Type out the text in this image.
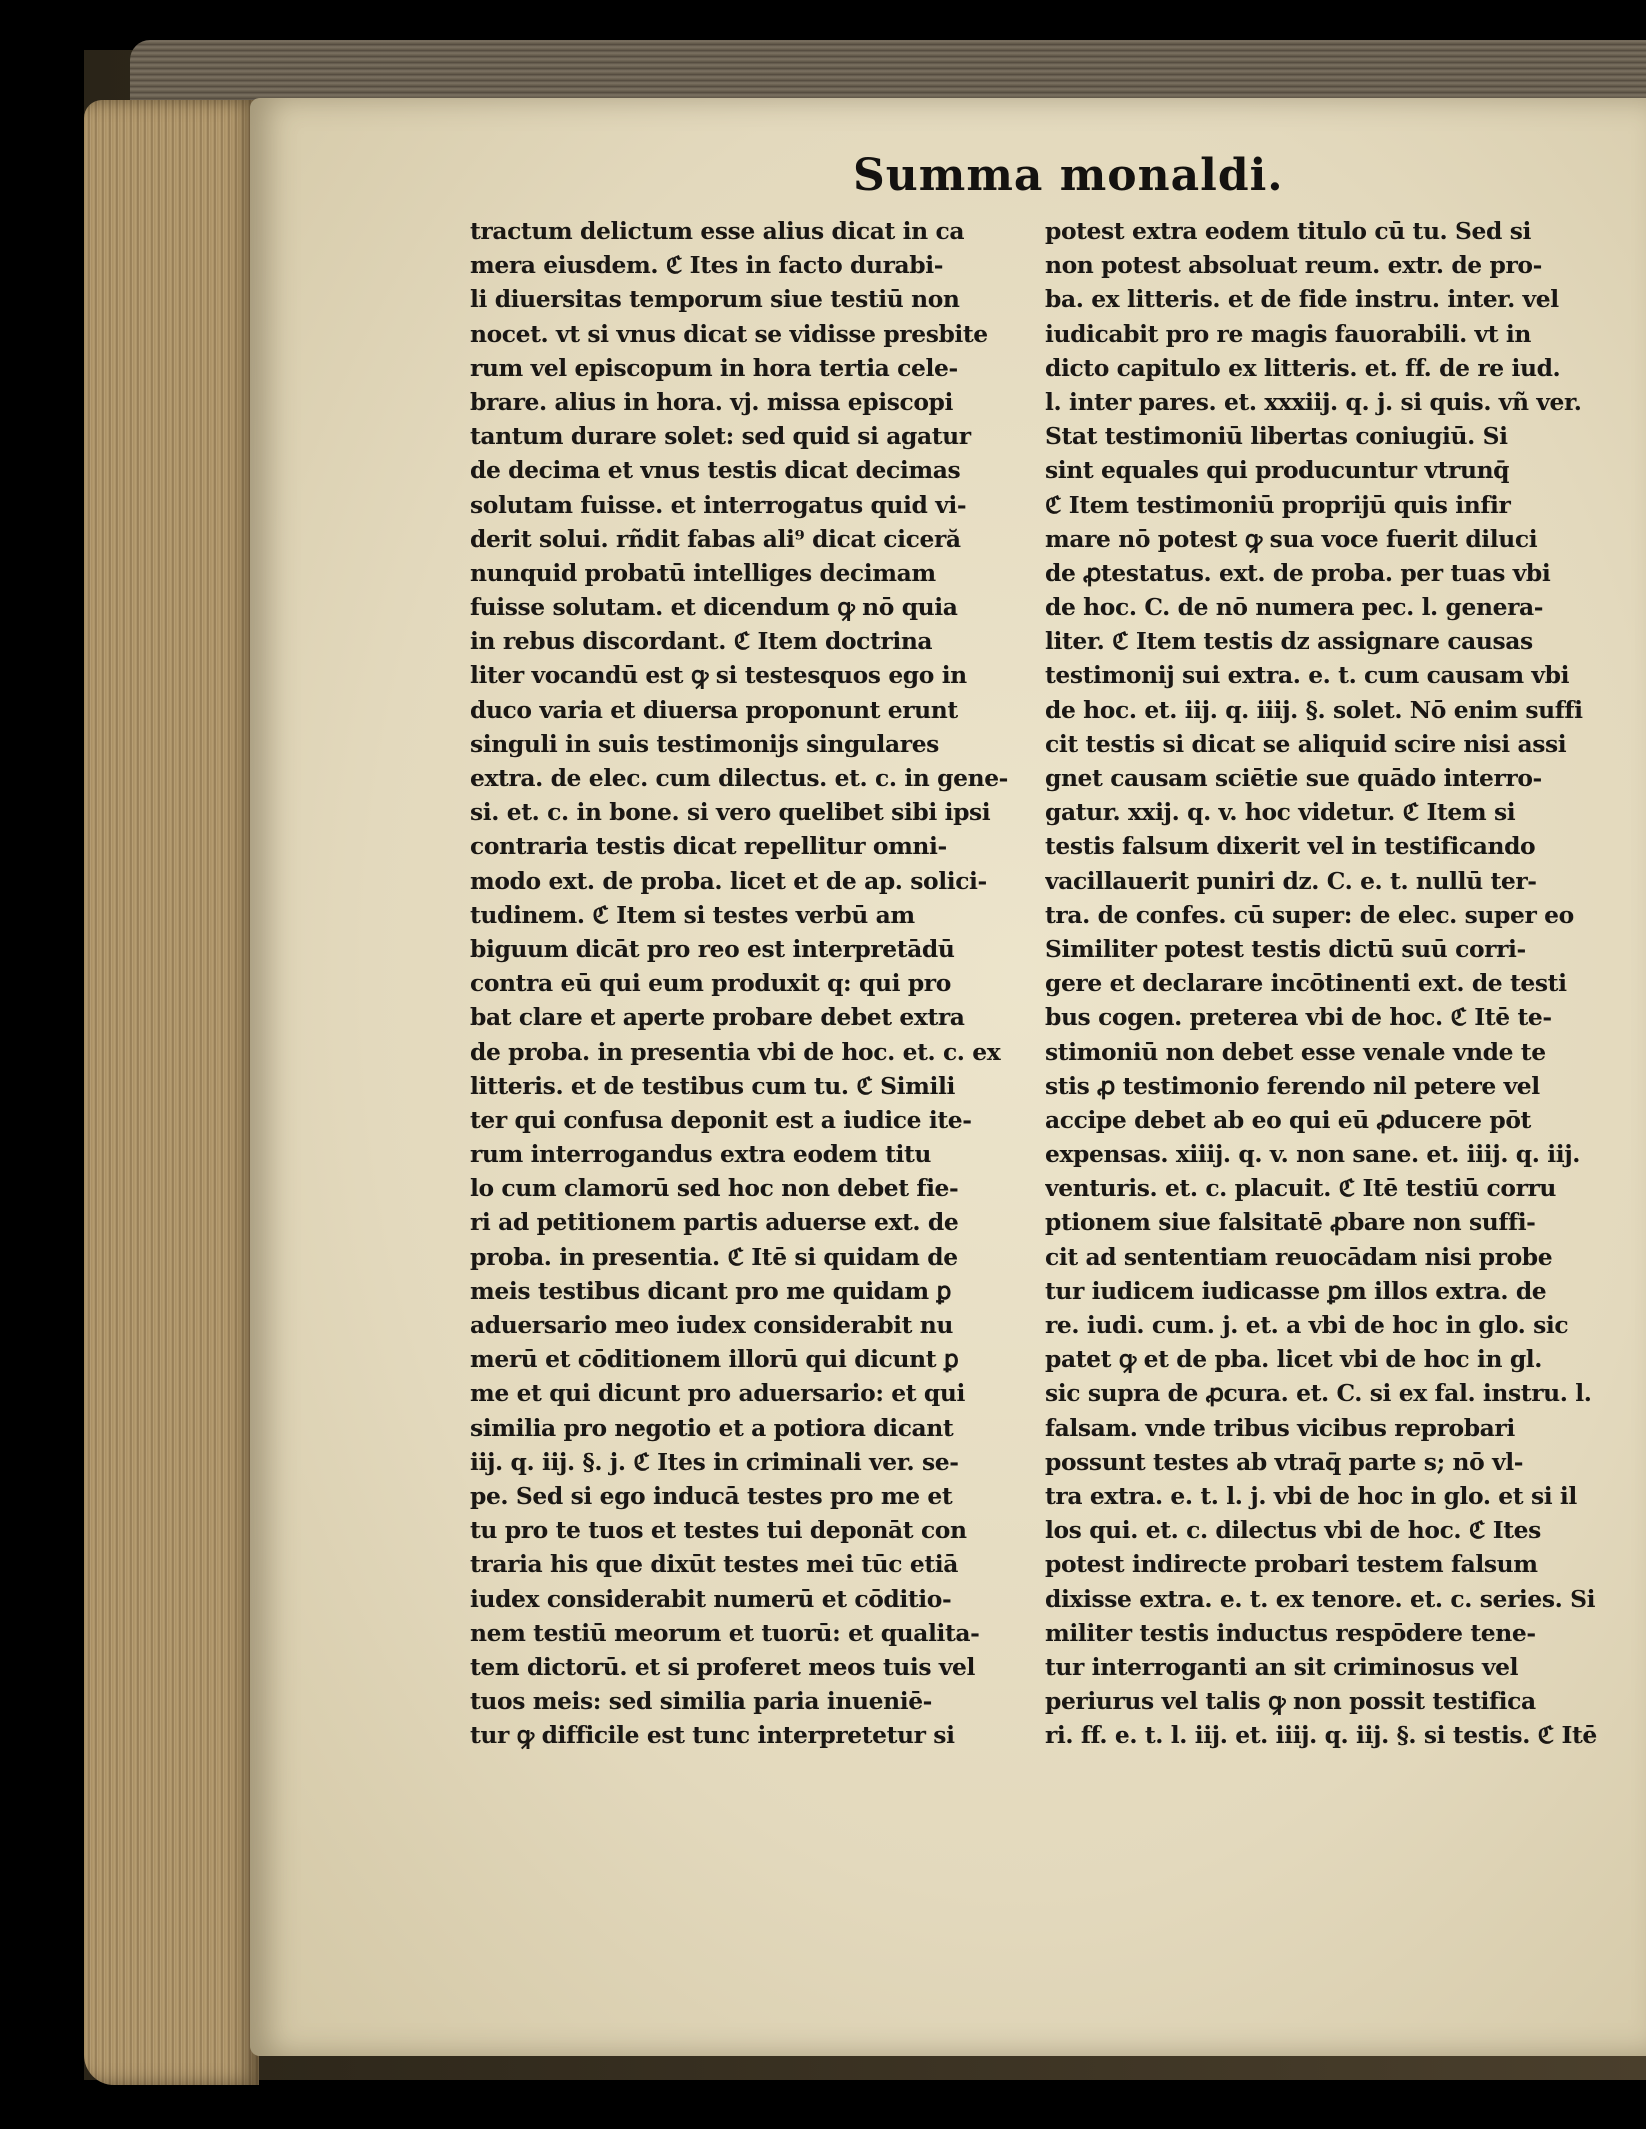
Summa monaldi.
tractum delictum esse alius dicat in ca
mera eiusdem. ℭ Ites in facto durabi-
li diuersitas temporum siue testiū non
nocet. vt si vnus dicat se vidisse presbite
rum vel episcopum in hora tertia cele-
brare. alius in hora. vj. missa episcopi
tantum durare solet: sed quid si agatur
de decima et vnus testis dicat decimas
solutam fuisse. et interrogatus quid vi-
derit solui. rñdit fabas ali⁹ dicat ciceră
nunquid probatū intelliges decimam
fuisse solutam. et dicendum ꝙ nō quia
in rebus discordant. ℭ Item doctrina
liter vocandū est ꝙ si testesquos ego in
duco varia et diuersa proponunt erunt
singuli in suis testimonijs singulares
extra. de elec. cum dilectus. et. c. in gene-
si. et. c. in bone. si vero quelibet sibi ipsi
contraria testis dicat repellitur omni-
modo ext. de proba. licet et de ap. solici-
tudinem. ℭ Item si testes verbū am
biguum dicāt pro reo est interpretādū
contra eū qui eum produxit q: qui pro
bat clare et aperte probare debet extra
de proba. in presentia vbi de hoc. et. c. ex
litteris. et de testibus cum tu. ℭ Simili
ter qui confusa deponit est a iudice ite-
rum interrogandus extra eodem titu
lo cum clamorū sed hoc non debet fie-
ri ad petitionem partis aduerse ext. de
proba. in presentia. ℭ Itē si quidam de
meis testibus dicant pro me quidam ꝑ
aduersario meo iudex considerabit nu
merū et cōditionem illorū qui dicunt ꝑ
me et qui dicunt pro aduersario: et qui
similia pro negotio et a potiora dicant
iij. q. iij. §. j. ℭ Ites in criminali ver. se-
pe. Sed si ego inducā testes pro me et
tu pro te tuos et testes tui deponāt con
traria his que dixūt testes mei tūc etiā
iudex considerabit numerū et cōditio-
nem testiū meorum et tuorū: et qualita-
tem dictorū. et si proferet meos tuis vel
tuos meis: sed similia paria inueniē-
tur ꝙ difficile est tunc interpretetur si
potest extra eodem titulo cū tu. Sed si
non potest absoluat reum. extr. de pro-
ba. ex litteris. et de fide instru. inter. vel
iudicabit pro re magis fauorabili. vt in
dicto capitulo ex litteris. et. ff. de re iud.
l. inter pares. et. xxxiij. q. j. si quis. vñ ver.
Stat testimoniū libertas coniugiū. Si
sint equales qui producuntur vtrunq̄
ℭ Item testimoniū proprijū quis infir
mare nō potest ꝙ sua voce fuerit diluci
de ꝓtestatus. ext. de proba. per tuas vbi
de hoc. C. de nō numera pec. l. genera-
liter. ℭ Item testis dz assignare causas
testimonij sui extra. e. t. cum causam vbi
de hoc. et. iij. q. iiij. §. solet. Nō enim suffi
cit testis si dicat se aliquid scire nisi assi
gnet causam sciētie sue quādo interro-
gatur. xxij. q. v. hoc videtur. ℭ Item si
testis falsum dixerit vel in testificando
vacillauerit puniri dz. C. e. t. nullū ter-
tra. de confes. cū super: de elec. super eo
Similiter potest testis dictū suū corri-
gere et declarare incōtinenti ext. de testi
bus cogen. preterea vbi de hoc. ℭ Itē te-
stimoniū non debet esse venale vnde te
stis ꝓ testimonio ferendo nil petere vel
accipe debet ab eo qui eū ꝓducere pōt
expensas. xiiij. q. v. non sane. et. iiij. q. iij.
venturis. et. c. placuit. ℭ Itē testiū corru
ptionem siue falsitatē ꝓbare non suffi-
cit ad sententiam reuocādam nisi probe
tur iudicem iudicasse ꝑm illos extra. de
re. iudi. cum. j. et. a vbi de hoc in glo. sic
patet ꝙ et de pba. licet vbi de hoc in gl.
sic supra de ꝓcura. et. C. si ex fal. instru. l.
falsam. vnde tribus vicibus reprobari
possunt testes ab vtraq̄ parte s; nō vl-
tra extra. e. t. l. j. vbi de hoc in glo. et si il
los qui. et. c. dilectus vbi de hoc. ℭ Ites
potest indirecte probari testem falsum
dixisse extra. e. t. ex tenore. et. c. series. Si
militer testis inductus respōdere tene-
tur interroganti an sit criminosus vel
periurus vel talis ꝙ non possit testifica
ri. ff. e. t. l. iij. et. iiij. q. iij. §. si testis. ℭ Itē
